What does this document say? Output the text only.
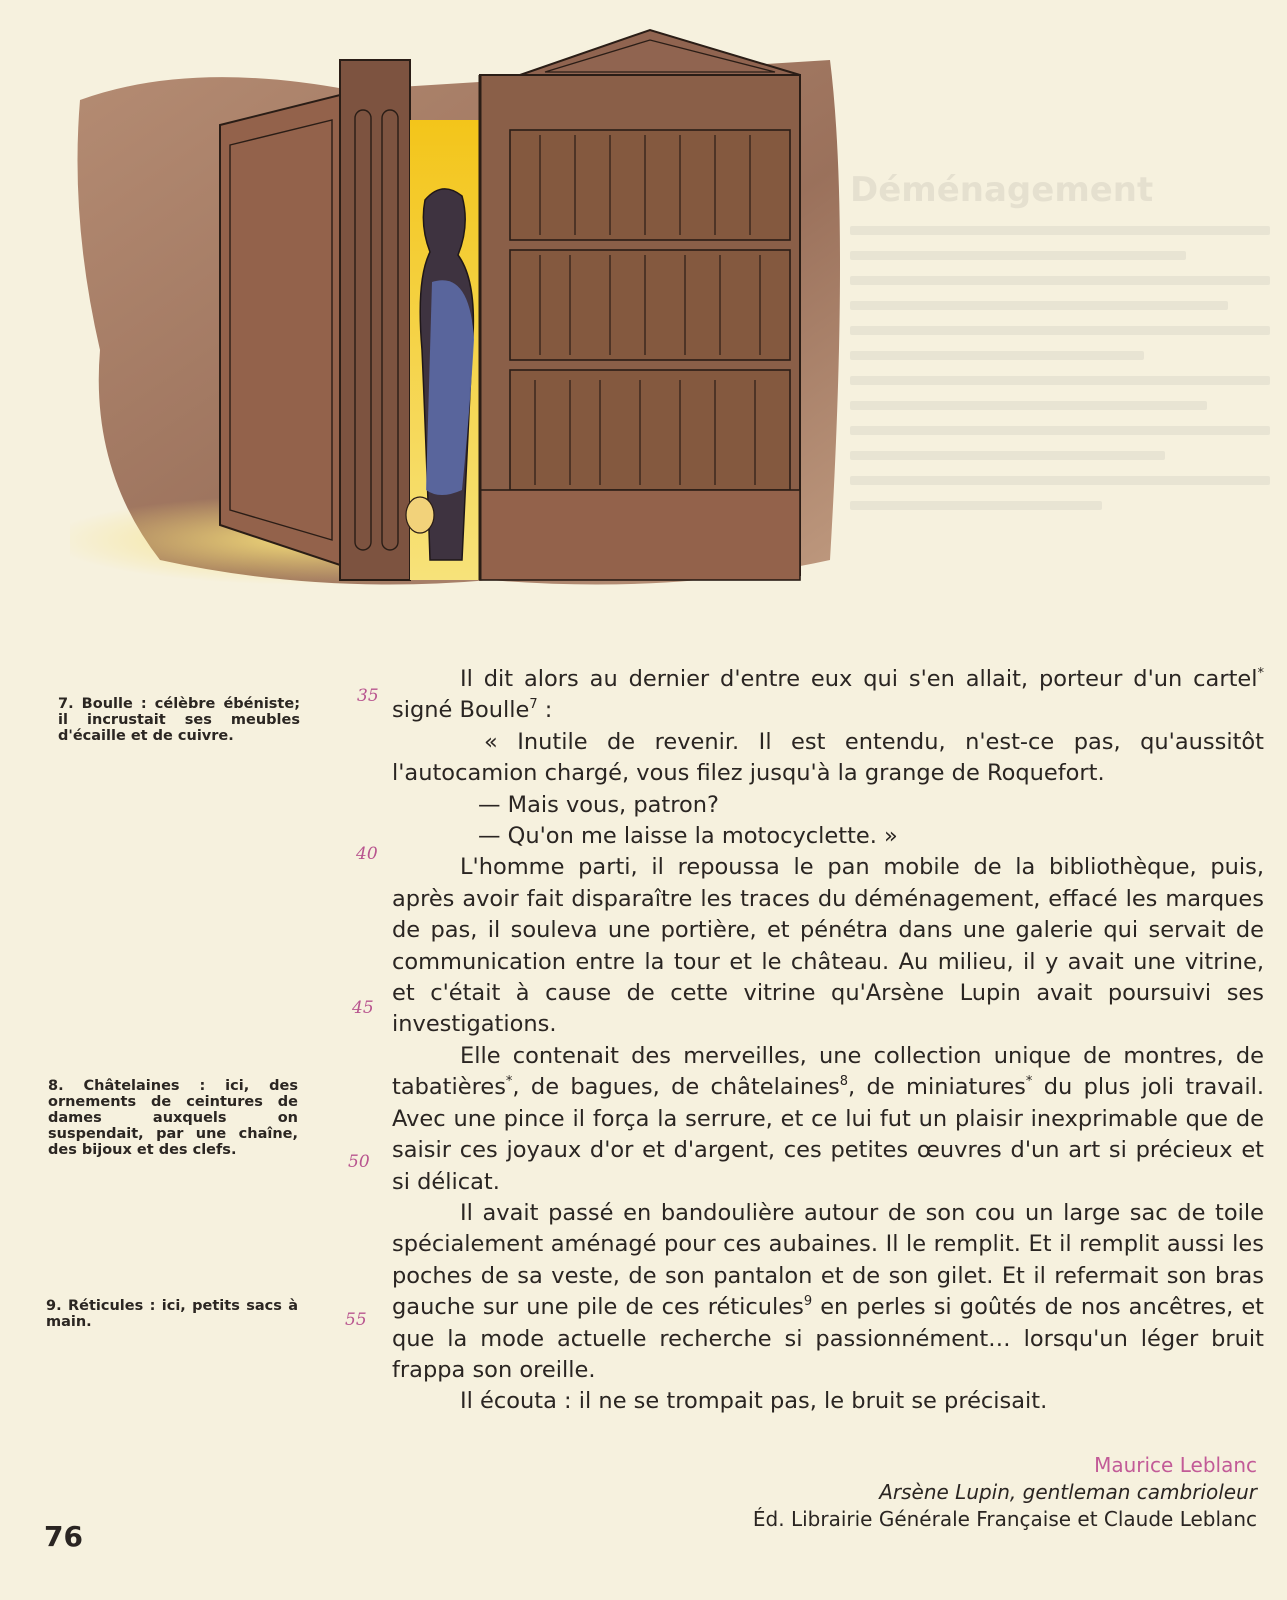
Déménagement
7. Boulle : célèbre ébéniste; il incrustait ses meubles d'écaille et de cuivre.
8. Châtelaines : ici, des ornements de ceintures de dames auxquels on suspendait, par une chaîne, des bijoux et des clefs.
9. Réticules : ici, petits sacs à main.
35
40
45
50
55

Il dit alors au dernier d'entre eux qui s'en allait, porteur d'un cartel* signé Boulle$^7$ :

« Inutile de revenir. Il est entendu, n'est-ce pas, qu'aussitôt l'autocamion chargé, vous filez jusqu'à la grange de Roquefort.

— Mais vous, patron?

— Qu'on me laisse la motocyclette. »

L'homme parti, il repoussa le pan mobile de la bibliothèque, puis, après avoir fait disparaître les traces du déménagement, effacé les marques de pas, il souleva une portière, et pénétra dans une galerie qui servait de communication entre la tour et le château. Au milieu, il y avait une vitrine, et c'était à cause de cette vitrine qu'Arsène Lupin avait poursuivi ses investigations.

Elle contenait des merveilles, une collection unique de montres, de tabatières*, de bagues, de châtelaines$^8$, de miniatures* du plus joli travail. Avec une pince il força la serrure, et ce lui fut un plaisir inexprimable que de saisir ces joyaux d'or et d'argent, ces petites œuvres d'un art si précieux et si délicat.

Il avait passé en bandoulière autour de son cou un large sac de toile spécialement aménagé pour ces aubaines. Il le remplit. Et il remplit aussi les poches de sa veste, de son pantalon et de son gilet. Et il refermait son bras gauche sur une pile de ces réticules$^9$ en perles si goûtés de nos ancêtres, et que la mode actuelle recherche si passionnément… lorsqu'un léger bruit frappa son oreille.

Il écouta : il ne se trompait pas, le bruit se précisait.

Maurice Leblanc
Arsène Lupin, gentleman cambrioleur
Éd. Librairie Générale Française et Claude Leblanc
76
